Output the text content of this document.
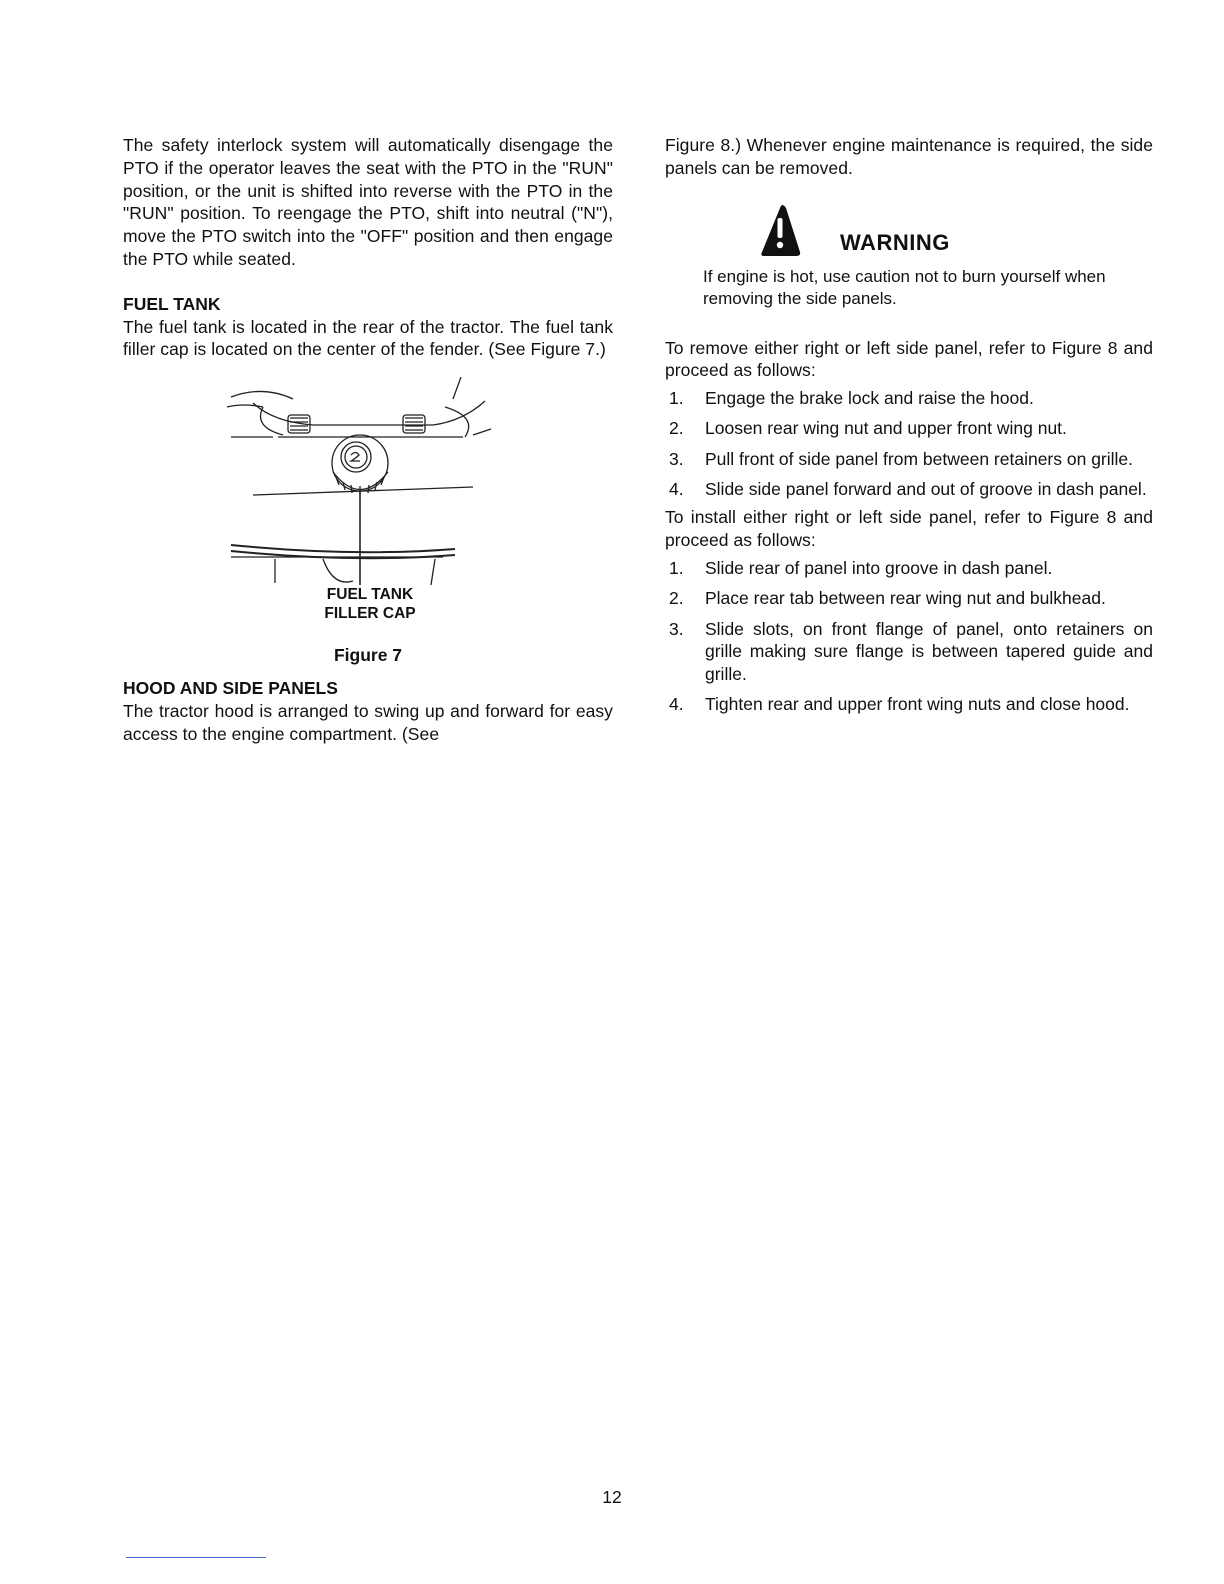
The safety interlock system will automatically disengage the PTO if the operator leaves the seat with the PTO in the "RUN" position, or the unit is shifted into reverse with the PTO in the "RUN" position. To reengage the PTO, shift into neutral ("N"), move the PTO switch into the "OFF" position and then engage the PTO while seated.

FUEL TANK

The fuel tank is located in the rear of the tractor. The fuel tank filler cap is located on the center of the fender. (See Figure 7.)

FUEL TANK
FILLER CAP
Figure 7
HOOD AND SIDE PANELS

The tractor hood is arranged to swing up and forward for easy access to the engine compartment. (See

Figure 8.) Whenever engine maintenance is required, the side panels can be removed.

WARNING

If engine is hot, use caution not to burn yourself when removing the side panels.

To remove either right or left side panel, refer to Figure 8 and proceed as follows:

1.	Engage the brake lock and raise the hood.
2.	Loosen rear wing nut and upper front wing nut.
3.	Pull front of side panel from between retainers on grille.
4.	Slide side panel forward and out of groove in dash panel.

To install either right or left side panel, refer to Figure 8 and proceed as follows:

1.	Slide rear of panel into groove in dash panel.
2.	Place rear tab between rear wing nut and bulkhead.
3.	Slide slots, on front flange of panel, onto retainers on grille making sure flange is between tapered guide and grille.
4.	Tighten rear and upper front wing nuts and close hood.
12
